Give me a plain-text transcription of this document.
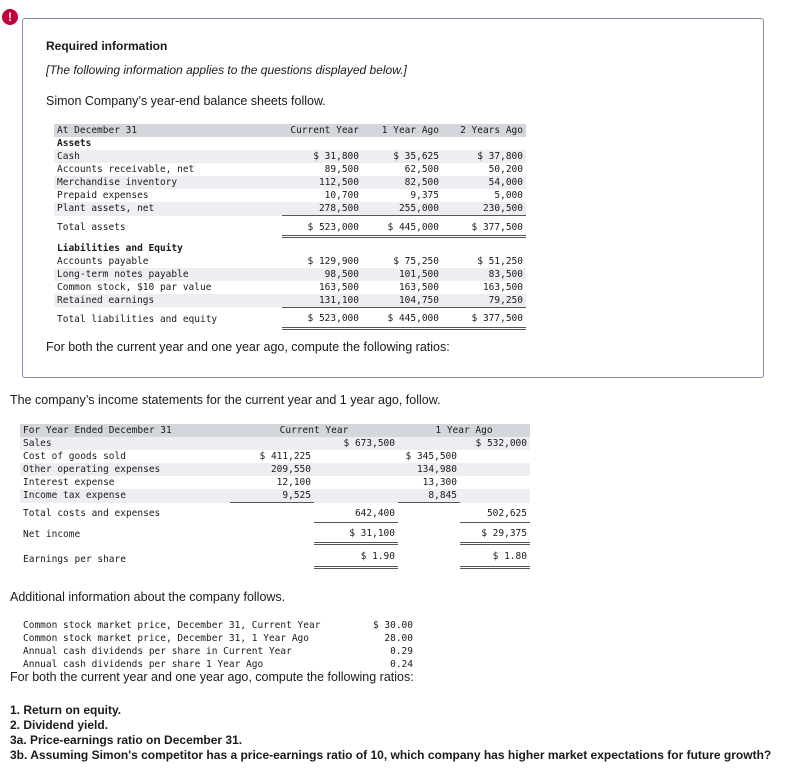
!
Required information
[The following information applies to the questions displayed below.]
Simon Company’s year-end balance sheets follow.
At December 31	Current Year	1 Year Ago	2 Years Ago
Assets			
Cash	$ 31,800	$ 35,625	$ 37,800
Accounts receivable, net	89,500	62,500	50,200
Merchandise inventory	112,500	82,500	54,000
Prepaid expenses	10,700	9,375	5,000
Plant assets, net	278,500	255,000	230,500
Total assets	$ 523,000	$ 445,000	$ 377,500
Liabilities and Equity			
Accounts payable	$ 129,900	$ 75,250	$ 51,250
Long-term notes payable	98,500	101,500	83,500
Common stock, $10 par value	163,500	163,500	163,500
Retained earnings	131,100	104,750	79,250
Total liabilities and equity	$ 523,000	$ 445,000	$ 377,500
For both the current year and one year ago, compute the following ratios:
The company’s income statements for the current year and 1 year ago, follow.
For Year Ended December 31	Current Year		1 Year Ago	
Sales		$ 673,500		$ 532,000
Cost of goods sold	$ 411,225		$ 345,500	
Other operating expenses	209,550		134,980	
Interest expense	12,100		13,300	
Income tax expense	9,525		8,845	
Total costs and expenses		642,400		502,625
Net income		$ 31,100		$ 29,375
Earnings per share		$ 1.90		$ 1.80
Additional information about the company follows.
Common stock market price, December 31, Current Year	$ 30.00
Common stock market price, December 31, 1 Year Ago	28.00
Annual cash dividends per share in Current Year	0.29
Annual cash dividends per share 1 Year Ago	0.24
For both the current year and one year ago, compute the following ratios:
1. Return on equity.
2. Dividend yield.
3a. Price-earnings ratio on December 31.
3b. Assuming Simon's competitor has a price-earnings ratio of 10, which company has higher market expectations for future growth?
